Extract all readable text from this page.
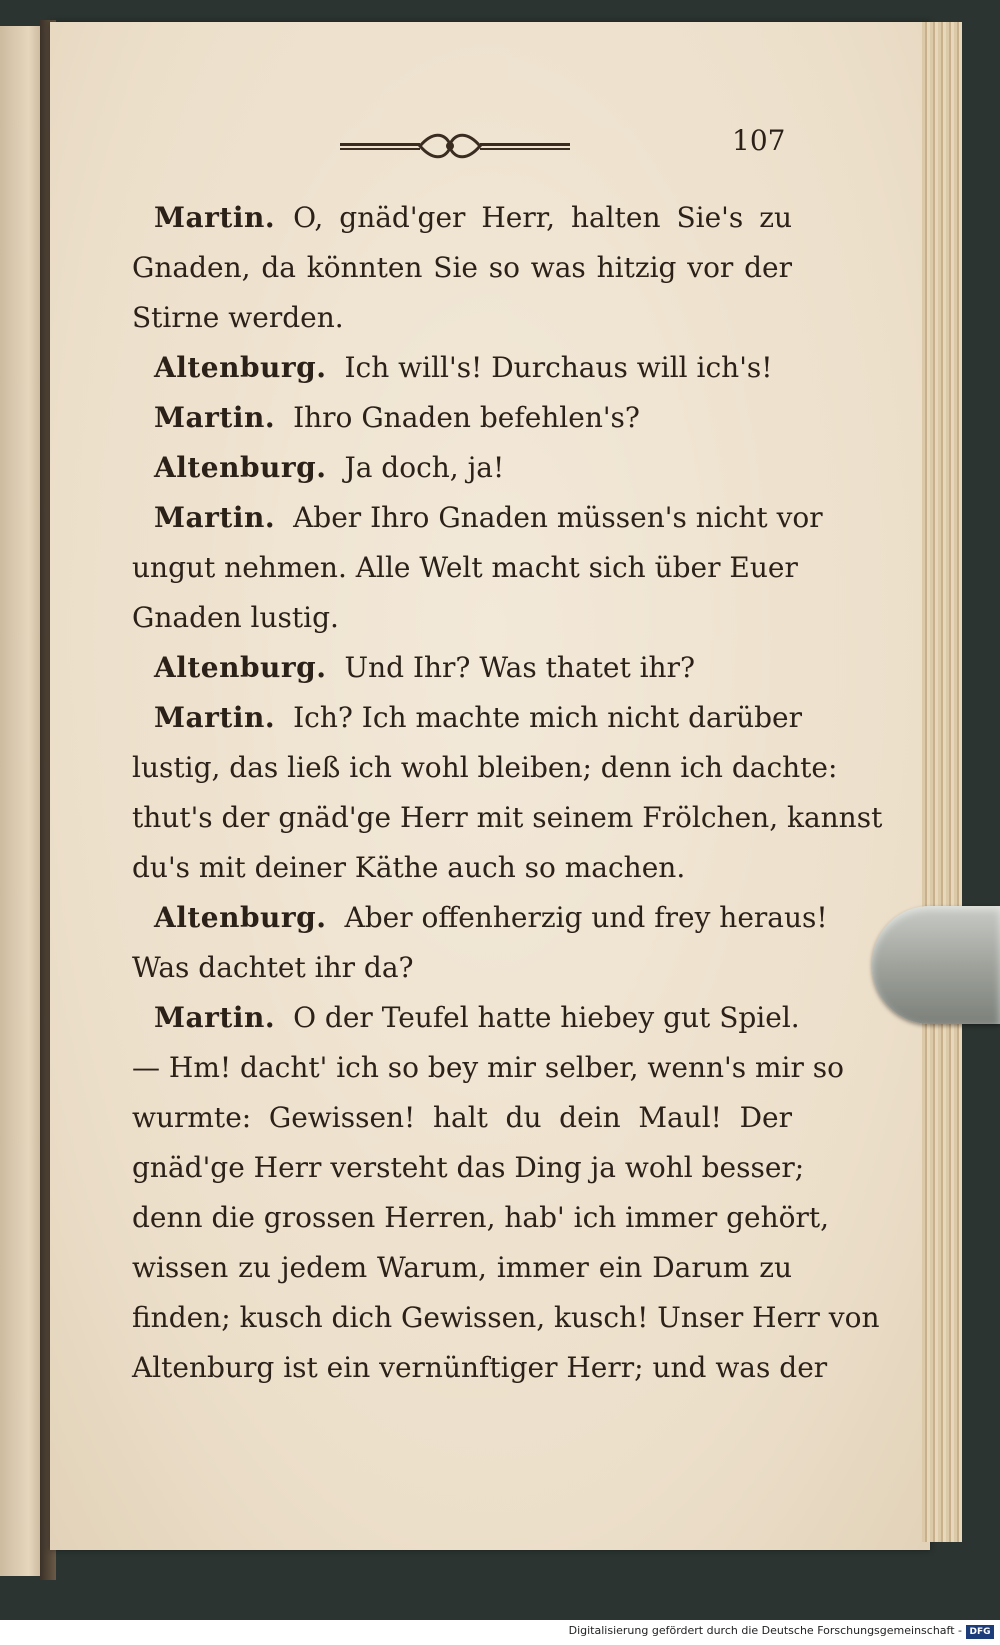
107
Martin. O, gnäd'ger Herr, halten Sie's zu
Gnaden, da könnten Sie so was hitzig vor der
Stirne werden.
Altenburg. Ich will's! Durchaus will ich's!
Martin. Ihro Gnaden befehlen's?
Altenburg. Ja doch, ja!
Martin. Aber Ihro Gnaden müssen's nicht vor
ungut nehmen. Alle Welt macht sich über Euer
Gnaden lustig.
Altenburg. Und Ihr? Was thatet ihr?
Martin. Ich? Ich machte mich nicht darüber
lustig, das ließ ich wohl bleiben; denn ich dachte:
thut's der gnäd'ge Herr mit seinem Frölchen, kannst
du's mit deiner Käthe auch so machen.
Altenburg. Aber offenherzig und frey heraus!
Was dachtet ihr da?
Martin. O der Teufel hatte hiebey gut Spiel.
— Hm! dacht' ich so bey mir selber, wenn's mir so
wurmte: Gewissen! halt du dein Maul! Der
gnäd'ge Herr versteht das Ding ja wohl besser;
denn die grossen Herren, hab' ich immer gehört,
wissen zu jedem Warum, immer ein Darum zu
finden; kusch dich Gewissen, kusch! Unser Herr von
Altenburg ist ein vernünftiger Herr; und was der
Digitalisierung gefördert durch die Deutsche Forschungsgemeinschaft - DFG
